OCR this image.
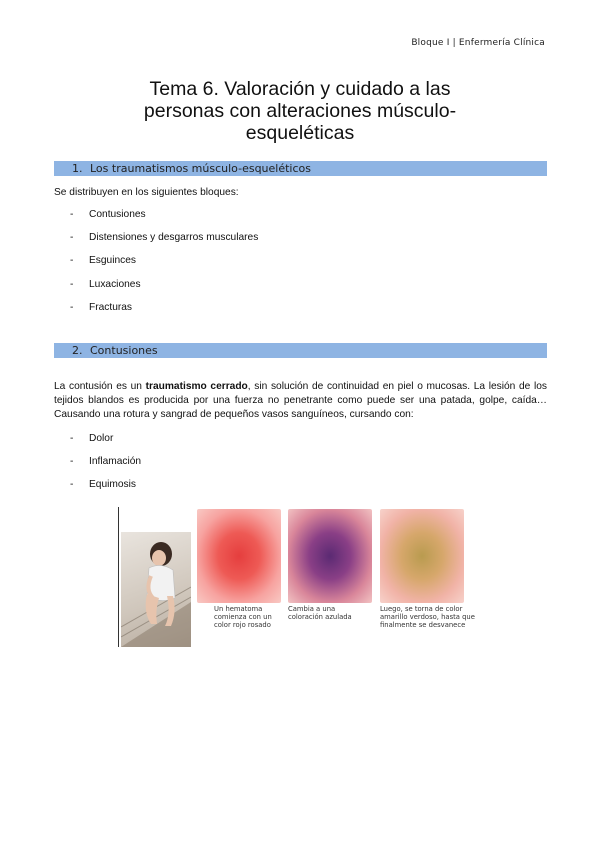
Bloque I | Enfermería Clínica
Tema 6. Valoración y cuidado a las
personas con alteraciones músculo-
esqueléticas
1. Los traumatismos músculo-esqueléticos
Se distribuyen en los siguientes bloques:
- Contusiones
- Distensiones y desgarros musculares
- Esguinces
- Luxaciones
- Fracturas
2. Contusiones
La contusión es un traumatismo cerrado, sin solución de continuidad en piel o mucosas. La lesión de los tejidos blandos es producida por una fuerza no penetrante como puede ser una patada, golpe, caída… Causando una rotura y sangrad de pequeños vasos sanguíneos, cursando con:
- Dolor
- Inflamación
- Equimosis
Un hematoma comienza con un color rojo rosado
Cambia a una coloración azulada
Luego, se torna de color amarillo verdoso, hasta que finalmente se desvanece
